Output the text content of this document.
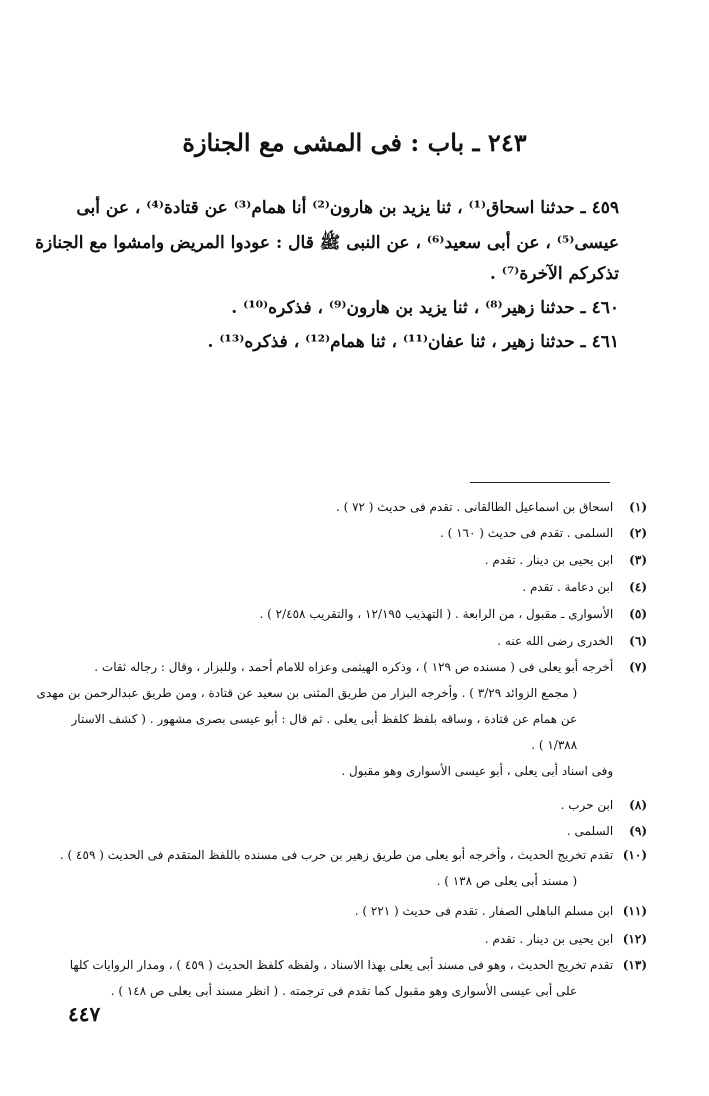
٢٤٣ ـ باب : فى المشى مع الجنازة
٤٥٩ ـ حدثنا اسحاق⁽¹⁾ ، ثنا يزيد بن هارون⁽²⁾ أنا همام⁽³⁾ عن قتادة⁽⁴⁾ ، عن أبى
عيسى⁽⁵⁾ ، عن أبى سعيد⁽⁶⁾ ، عن النبى ﷺ قال : عودوا المريض وامشوا مع الجنازة
تذكركم الآخرة⁽⁷⁾ .
٤٦٠ ـ حدثنا زهير⁽⁸⁾ ، ثنا يزيد بن هارون⁽⁹⁾ ، فذكره⁽¹⁰⁾ .
٤٦١ ـ حدثنا زهير ، ثنا عفان⁽¹¹⁾ ، ثنا همام⁽¹²⁾ ، فذكره⁽¹³⁾ .
(١) اسحاق بن اسماعيل الطالقانى . تقدم فى حديث ( ٧٢ ) .
(٢) السلمى . تقدم فى حديث ( ١٦٠ ) .
(٣) ابن يحيى بن دينار . تقدم .
(٤) ابن دعامة . تقدم .
(٥) الأسوارى ـ مقبول ، من الرابعة . ( التهذيب ١٢/١٩٥ ، والتقريب ٢/٤٥٨ ) .
(٦) الخدرى رضى الله عنه .
(٧) أخرجه أبو يعلى فى ( مسنده ص ١٢٩ ) ، وذكره الهيثمى وعزاه للامام أحمد ، وللبزار ، وقال : رجاله ثقات .
( مجمع الزوائد ٣/٢٩ ) . وأخرجه البزار من طريق المثنى بن سعيد عن قتادة ، ومن طريق عبدالرحمن بن مهدى
عن همام عن قتادة ، وساقه بلفظ كلفظ أبى يعلى . ثم قال : أبو عيسى بصرى مشهور . ( كشف الاستار
١/٣٨٨ ) .
وفى اسناد أبى يعلى ، أبو عيسى الأسوارى وهو مقبول .
(٨) ابن حرب .
(٩) السلمى .
(١٠) تقدم تخريج الحديث ، وأخرجه أبو يعلى من طريق زهير بن حرب فى مسنده باللفظ المتقدم فى الحديث ( ٤٥٩ ) .
( مسند أبى يعلى ص ١٣٨ ) .
(١١) ابن مسلم الباهلى الصفار . تقدم فى حديث ( ٢٢١ ) .
(١٢) ابن يحيى بن دينار . تقدم .
(١٣) تقدم تخريج الحديث ، وهو فى مسند أبى يعلى بهذا الاسناد ، ولفظه كلفظ الحديث ( ٤٥٩ ) ، ومدار الروايات كلها
على أبى عيسى الأسوارى وهو مقبول كما تقدم فى ترجمته . ( انظر مسند أبى يعلى ص ١٤٨ ) .
٤٤٧
